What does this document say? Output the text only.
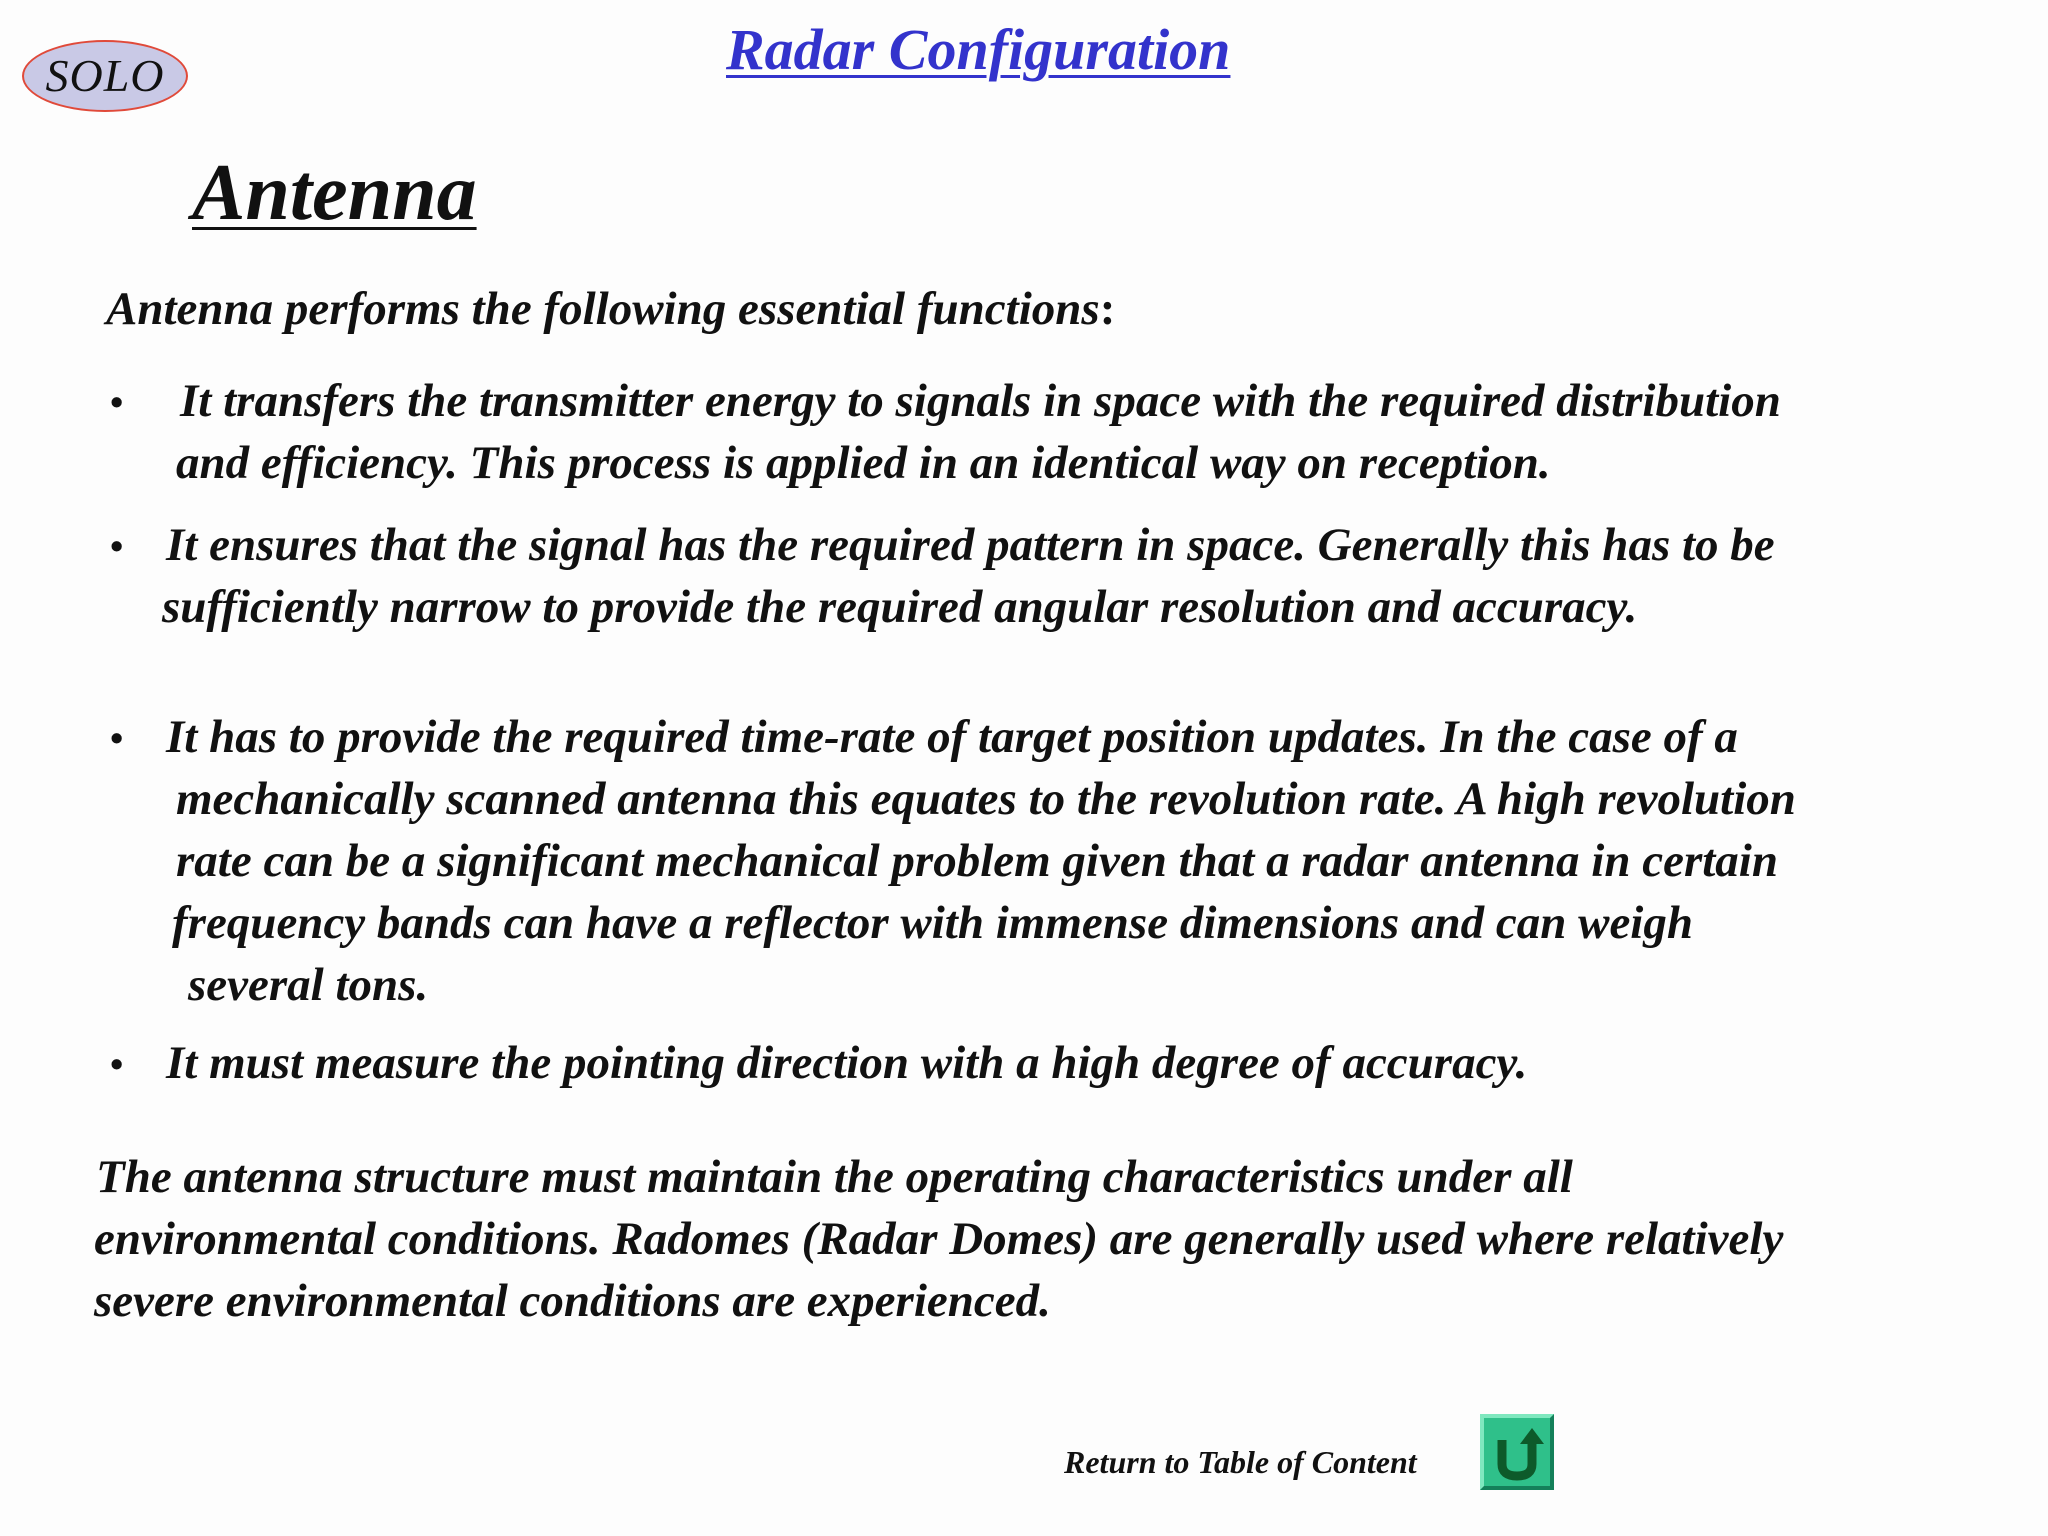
SOLO	Radar Configuration
Antenna
Antenna performs the following essential functions:
• It transfers the transmitter energy to signals in space with the required distribution
and efficiency. This process is applied in an identical way on reception.
• It ensures that the signal has the required pattern in space. Generally this has to be
sufficiently narrow to provide the required angular resolution and accuracy.
• It has to provide the required time-rate of target position updates. In the case of a
mechanically scanned antenna this equates to the revolution rate. A high revolution
rate can be a significant mechanical problem given that a radar antenna in certain
frequency bands can have a reflector with immense dimensions and can weigh
several tons.
• It must measure the pointing direction with a high degree of accuracy.
The antenna structure must maintain the operating characteristics under all
environmental conditions. Radomes (Radar Domes) are generally used where relatively
severe environmental conditions are experienced.
Return to Table of Content
